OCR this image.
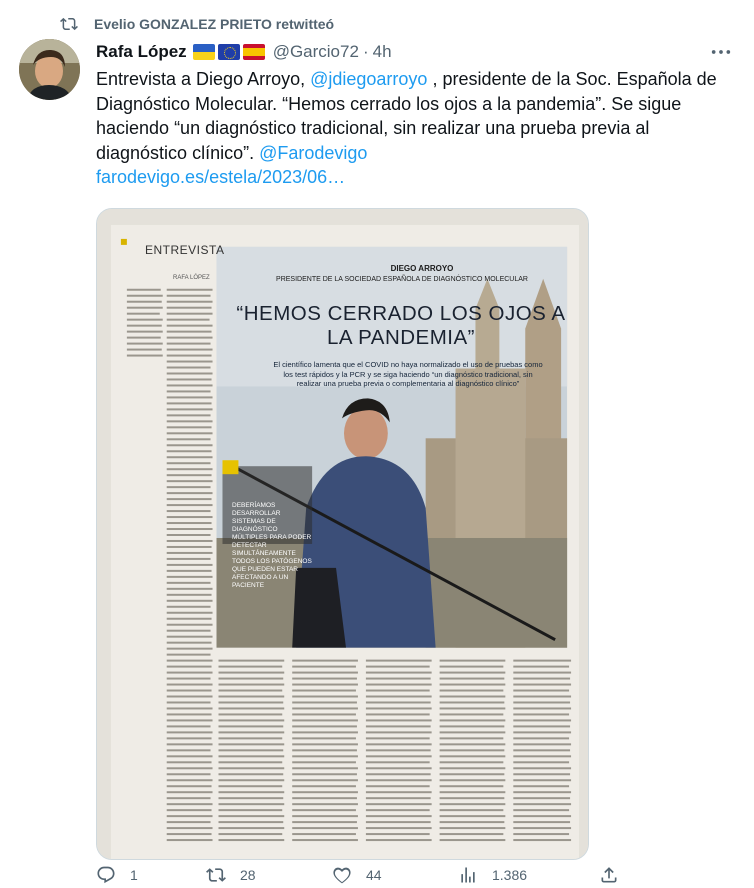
Evelio GONZALEZ PRIETO retwitteó
Rafa López	@Garcio72 · 4h
Entrevista a Diego Arroyo, @jdiegoarroyo , presidente de la Soc. Española de Diagnóstico Molecular. “Hemos cerrado los ojos a la pandemia”. Se sigue haciendo “un diagnóstico tradicional, sin realizar una prueba previa al diagnóstico clínico”. @Farodevigo
farodevigo.es/estela/2023/06…
ENTREVISTA
RAFA LÓPEZ
DIEGO ARROYO
PRESIDENTE DE LA SOCIEDAD ESPAÑOLA DE DIAGNÓSTICO MOLECULAR
“HEMOS CERRADO LOS OJOS A LA PANDEMIA”
El científico lamenta que el COVID no haya normalizado el uso de pruebas como los test rápidos y la PCR y se siga haciendo “un diagnóstico tradicional, sin realizar una prueba previa o complementaria al diagnóstico clínico”
DEBERÍAMOS DESARROLLAR SISTEMAS DE DIAGNÓSTICO MÚLTIPLES PARA PODER DETECTAR SIMULTÁNEAMENTE TODOS LOS PATÓGENOS QUE PUEDEN ESTAR AFECTANDO A UN PACIENTE
1	28	44	1.386
